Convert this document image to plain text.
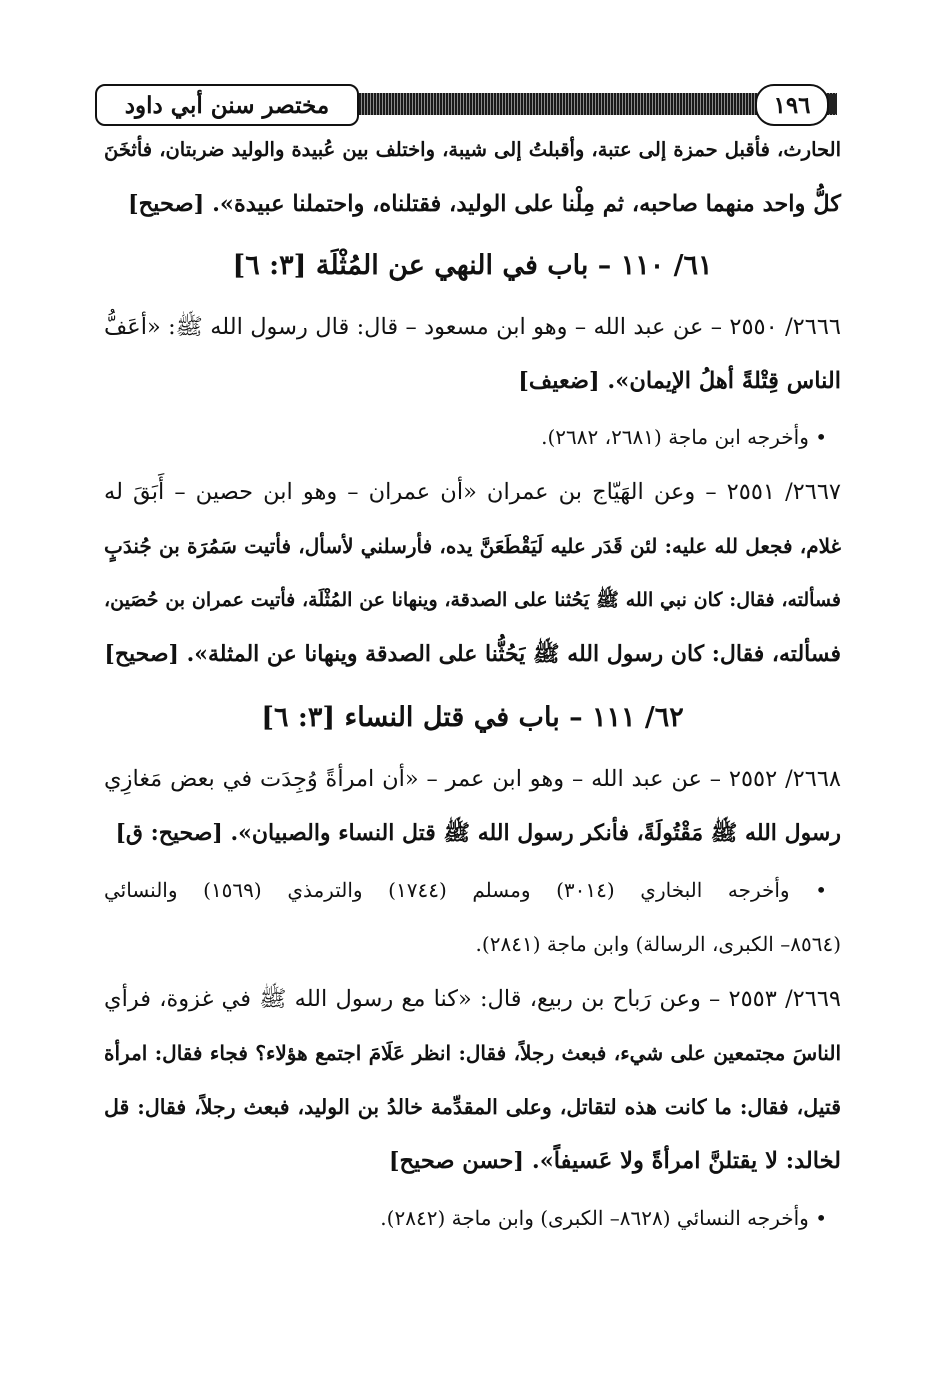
مختصر سنن أبي داود	١٩٦
الحارث، فأقبل حمزة إلى عتبة، وأقبلتُ إلى شيبة، واختلف بين عُبيدة والوليد ضربتان، فأثخَنَ
كلُّ واحد منهما صاحبه، ثم مِلْنا على الوليد، فقتلناه، واحتملنا عبيدة». [صحيح]
٦١/ ١١٠ – باب في النهي عن المُثْلَة [٣: ٦]
٢٦٦٦/ ٢٥٥٠ – عن عبد الله – وهو ابن مسعود – قال: قال رسول الله ﷺ: «أعَفُّ
الناس قِتْلةً أهلُ الإيمان». [ضعيف]
• وأخرجه ابن ماجة (٢٦٨١، ٢٦٨٢).
٢٦٦٧/ ٢٥٥١ – وعن الهَيّاج بن عمران «أن عمران – وهو ابن حصين – أَبَقَ له
غلام، فجعل لله عليه: لئن قَدَر عليه لَيَقْطَعَنَّ يده، فأرسلني لأسأل، فأتيت سَمُرَة بن جُندَبٍ
فسألته، فقال: كان نبي الله ﷺ يَحُثنا على الصدقة، وينهانا عن المُثْلَة، فأتيت عمران بن حُصَين،
فسألته، فقال: كان رسول الله ﷺ يَحُثُّنا على الصدقة وينهانا عن المثلة». [صحيح]
٦٢/ ١١١ – باب في قتل النساء [٣: ٦]
٢٦٦٨/ ٢٥٥٢ – عن عبد الله – وهو ابن عمر – «أن امرأةً وُجِدَت في بعض مَغازِي
رسول الله ﷺ مَقْتُولَةً، فأنكر رسول الله ﷺ قتل النساء والصبيان». [صحيح: ق]
• وأخرجه البخاري (٣٠١٤) ومسلم (١٧٤٤) والترمذي (١٥٦٩) والنسائي
(٨٥٦٤– الكبرى، الرسالة) وابن ماجة (٢٨٤١).
٢٦٦٩/ ٢٥٥٣ – وعن رَباح بن ربيع، قال: «كنا مع رسول الله ﷺ في غزوة، فرأي
الناسَ مجتمعين على شيء، فبعث رجلاً، فقال: انظر عَلَامَ اجتمع هؤلاء؟ فجاء فقال: امرأة
قتيل، فقال: ما كانت هذه لتقاتل، وعلى المقدِّمة خالدُ بن الوليد، فبعث رجلاً، فقال: قل
لخالد: لا يقتلنَّ امرأةً ولا عَسيفاً». [حسن صحيح]
• وأخرجه النسائي (٨٦٢٨– الكبرى) وابن ماجة (٢٨٤٢).
